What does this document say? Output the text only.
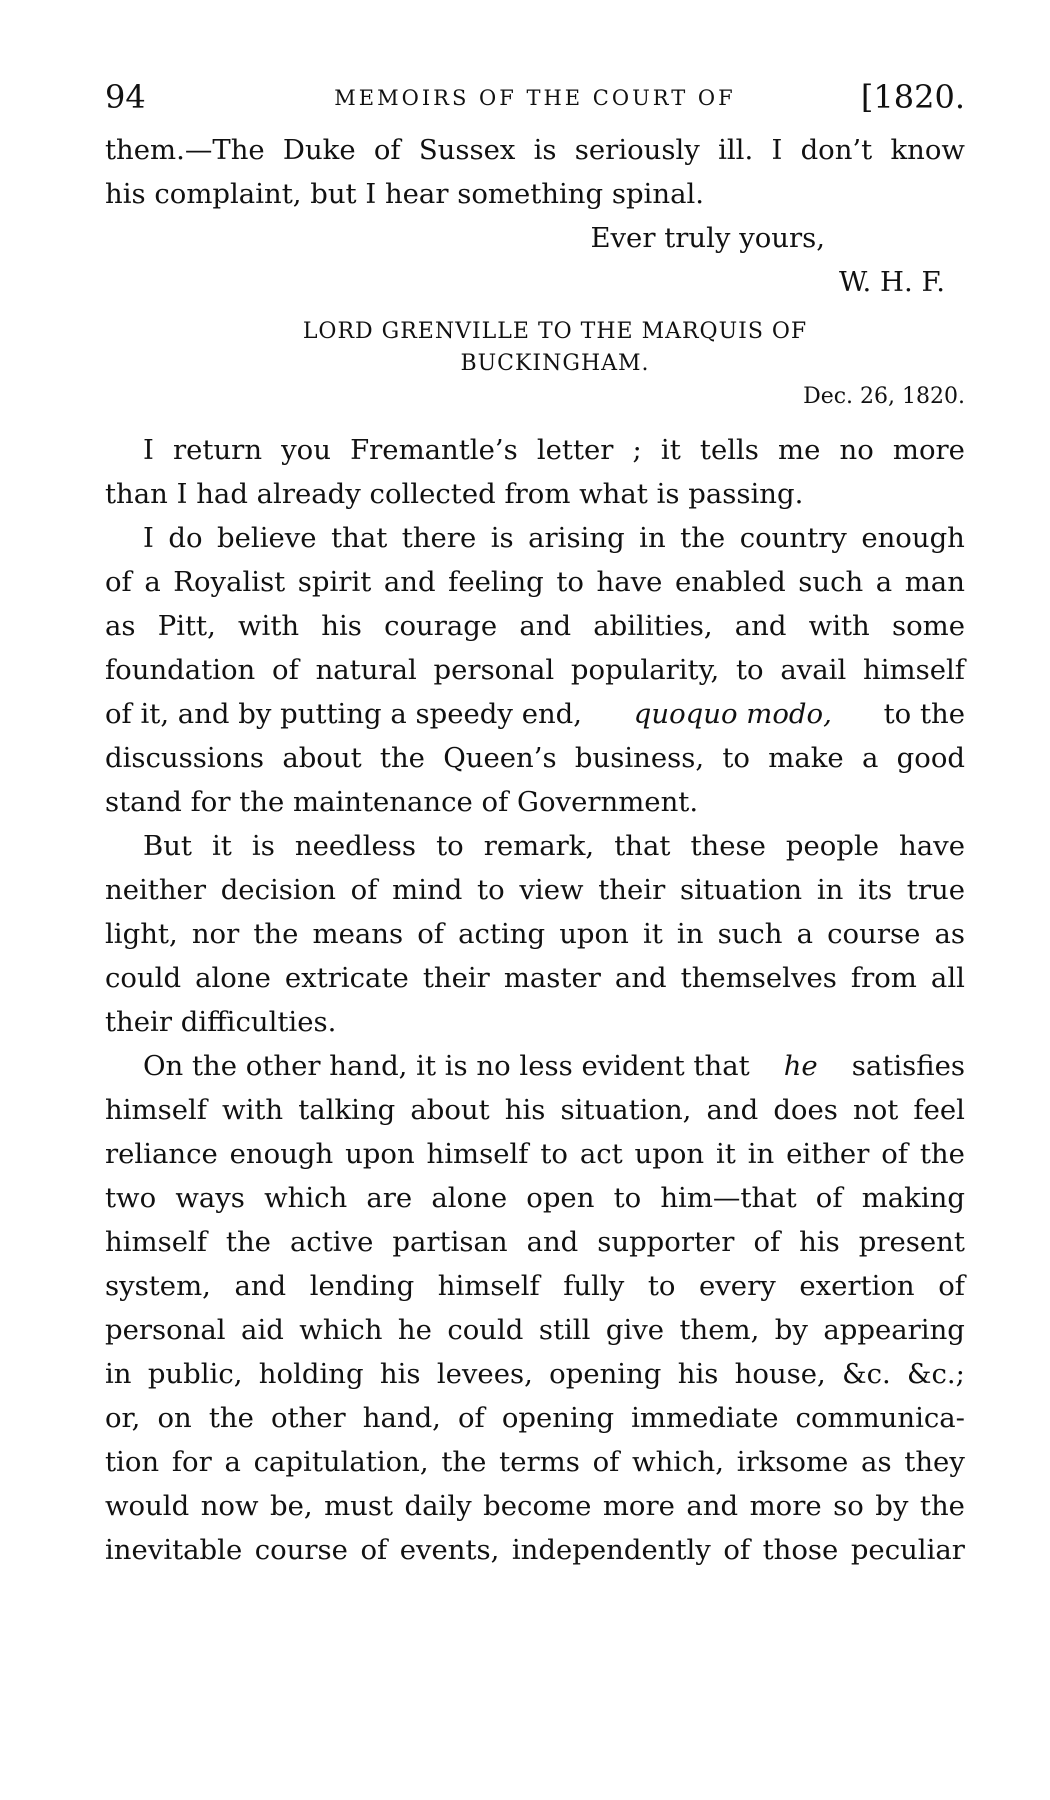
94	MEMOIRS OF THE COURT OF	[1820.
them.—The Duke of Sussex is seriously ill. I don’t know
his complaint, but I hear something spinal.
Ever truly yours,
W. H. F.
LORD GRENVILLE TO THE MARQUIS OF
BUCKINGHAM.
Dec. 26, 1820.
I return you Fremantle’s letter ; it tells me no more
than I had already collected from what is passing.
I do believe that there is arising in the country enough
of a Royalist spirit and feeling to have enabled such a man
as Pitt, with his courage and abilities, and with some
foundation of natural personal popularity, to avail himself
of it, and by putting a speedy end, quoquo modo, to the
discussions about the Queen’s business, to make a good
stand for the maintenance of Government.
But it is needless to remark, that these people have
neither decision of mind to view their situation in its true
light, nor the means of acting upon it in such a course as
could alone extricate their master and themselves from all
their difficulties.
On the other hand, it is no less evident that he satisfies
himself with talking about his situation, and does not feel
reliance enough upon himself to act upon it in either of the
two ways which are alone open to him—that of making
himself the active partisan and supporter of his present
system, and lending himself fully to every exertion of
personal aid which he could still give them, by appearing
in public, holding his levees, opening his house, &c. &c.;
or, on the other hand, of opening immediate communica-
tion for a capitulation, the terms of which, irksome as they
would now be, must daily become more and more so by the
inevitable course of events, independently of those peculiar
